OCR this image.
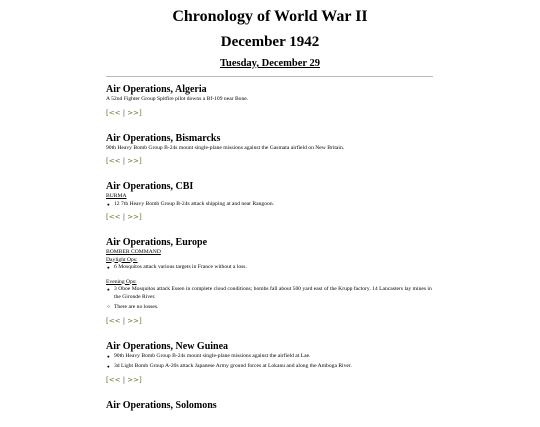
Chronology of World War II
December 1942
Tuesday, December 29
Air Operations, Algeria
A 52nd Fighter Group Spitfire pilot downs a Bf-109 near Bone.
[<< | >>]
Air Operations, Bismarcks
90th Heavy Bomb Group B-24s mount single-plane missions against the Gasmata airfield on New Britain.
[<< | >>]
Air Operations, CBI
BURMA
● 12 7th Heavy Bomb Group B-24s attack shipping at and near Rangoon.
[<< | >>]
Air Operations, Europe
BOMBER COMMAND
Daylight Ops:
● 6 Mosquitos attack various targets in France without a loss.
Evening Ops:
● 3 Oboe Mosquitos attack Essen in complete cloud conditions; bombs fall about 500 yard east of the Krupp factory. 14 Lancasters lay mines in the Gironde River.
○ There are no losses.
[<< | >>]
Air Operations, New Guinea
● 90th Heavy Bomb Group B-24s mount single-plane missions against the airfield at Lae.
● 3d Light Bomb Group A-20s attack Japanese Army ground forces at Lokanu and along the Amboga River.
[<< | >>]
Air Operations, Solomons
